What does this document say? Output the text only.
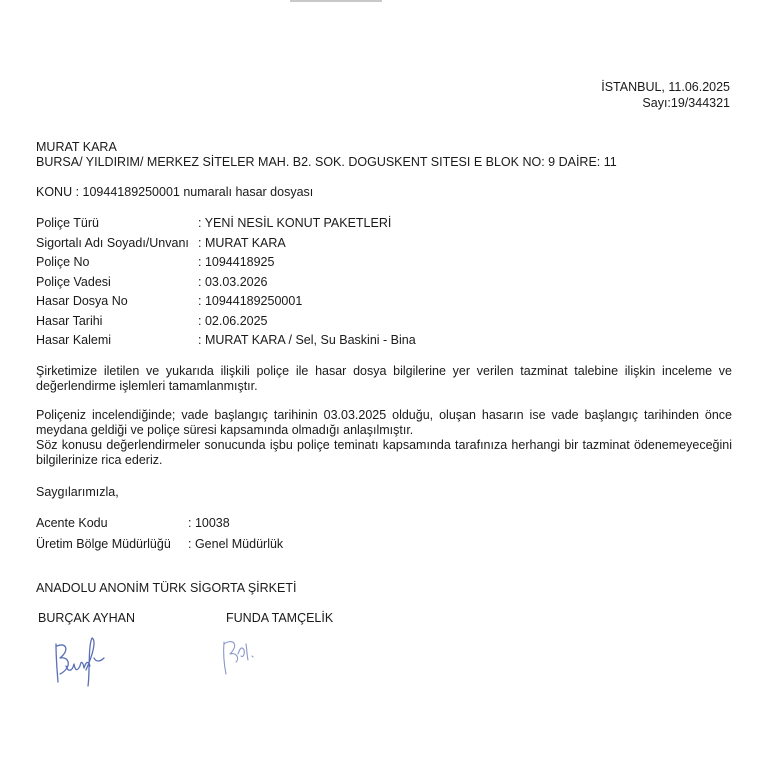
İSTANBUL, 11.06.2025
Sayı:19/344321
MURAT KARA
BURSA/ YILDIRIM/ MERKEZ SİTELER MAH. B2. SOK. DOGUSKENT SITESI E BLOK NO: 9 DAİRE: 11
KONU : 10944189250001 numaralı hasar dosyası
Poliçe Türü	: YENİ NESİL KONUT PAKETLERİ
Sigortalı Adı Soyadı/Unvanı : MURAT KARA
Poliçe No	: 1094418925
Poliçe Vadesi	: 03.03.2026
Hasar Dosya No	: 10944189250001
Hasar Tarihi	: 02.06.2025
Hasar Kalemi	: MURAT KARA / Sel, Su Baskini - Bina
Şirketimize iletilen ve yukarıda ilişkili poliçe ile hasar dosya bilgilerine yer verilen tazminat talebine ilişkin inceleme ve değerlendirme işlemleri tamamlanmıştır.
Poliçeniz incelendiğinde; vade başlangıç tarihinin 03.03.2025 olduğu, oluşan hasarın ise vade başlangıç tarihinden önce meydana geldiği ve poliçe süresi kapsamında olmadığı anlaşılmıştır.
Söz konusu değerlendirmeler sonucunda işbu poliçe teminatı kapsamında tarafınıza herhangi bir tazminat ödenemeyeceğini bilgilerinize rica ederiz.
Saygılarımızla,
Acente Kodu	: 10038
Üretim Bölge Müdürlüğü	: Genel Müdürlük
ANADOLU ANONİM TÜRK SİGORTA ŞİRKETİ
BURÇAK AYHAN	FUNDA TAMÇELİK
